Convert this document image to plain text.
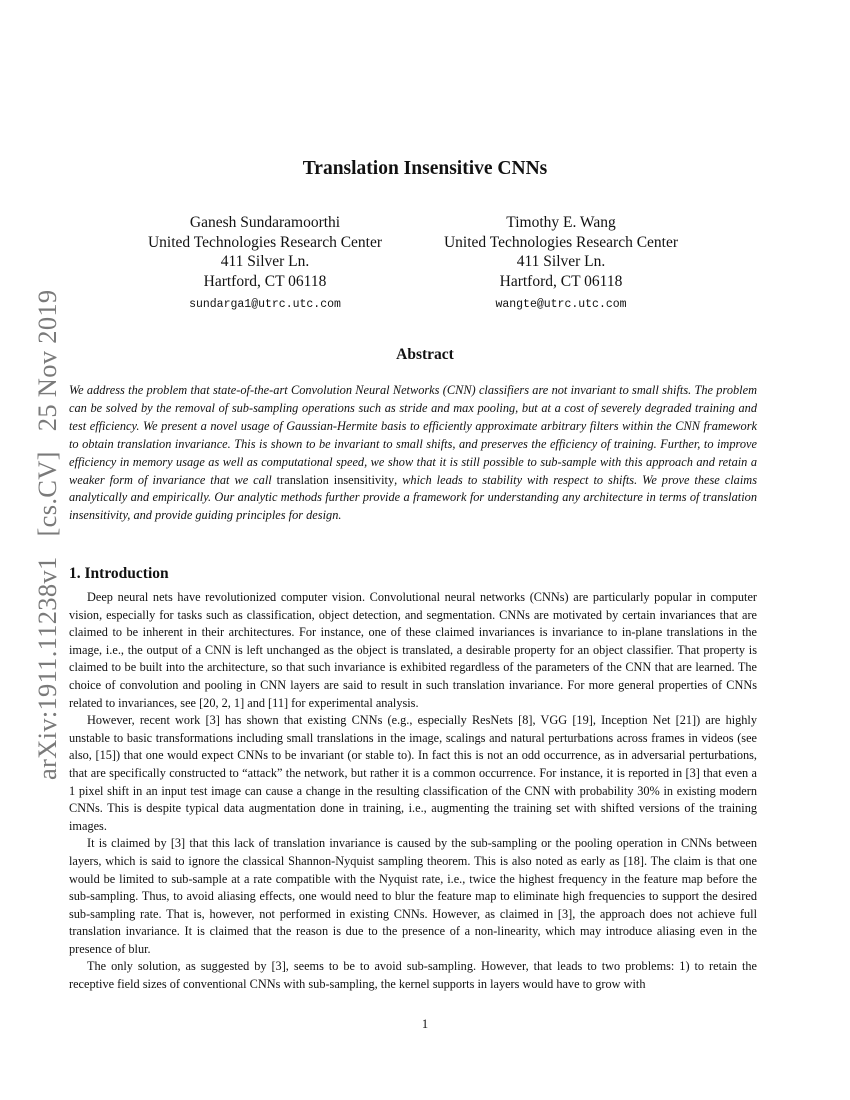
arXiv:1911.11238v1[cs.CV]25 Nov 2019
Translation Insensitive CNNs
Ganesh Sundaramoorthi
United Technologies Research Center
411 Silver Ln.
Hartford, CT 06118
sundarga1@utrc.utc.com
Timothy E. Wang
United Technologies Research Center
411 Silver Ln.
Hartford, CT 06118
wangte@utrc.utc.com
Abstract

We address the problem that state-of-the-art Convolution Neural Networks (CNN) classifiers are not invariant to small shifts. The problem can be solved by the removal of sub-sampling operations such as stride and max pooling, but at a cost of severely degraded training and test efficiency. We present a novel usage of Gaussian-Hermite basis to efficiently approximate arbitrary filters within the CNN framework to obtain translation invariance. This is shown to be invariant to small shifts, and preserves the efficiency of training. Further, to improve efficiency in memory usage as well as computational speed, we show that it is still possible to sub-sample with this approach and retain a weaker form of invariance that we call translation insensitivity, which leads to stability with respect to shifts. We prove these claims analytically and empirically. Our analytic methods further provide a framework for understanding any architecture in terms of translation insensitivity, and provide guiding principles for design.

1. Introduction

Deep neural nets have revolutionized computer vision. Convolutional neural networks (CNNs) are particularly popular in computer vision, especially for tasks such as classification, object detection, and segmentation. CNNs are motivated by certain invariances that are claimed to be inherent in their architectures. For instance, one of these claimed invariances is invariance to in-plane translations in the image, i.e., the output of a CNN is left unchanged as the object is translated, a desirable property for an object classifier. That property is claimed to be built into the architecture, so that such invariance is exhibited regardless of the parameters of the CNN that are learned. The choice of convolution and pooling in CNN layers are said to result in such translation invariance. For more general properties of CNNs related to invariances, see [20, 2, 1] and [11] for experimental analysis.

However, recent work [3] has shown that existing CNNs (e.g., especially ResNets [8], VGG [19], Inception Net [21]) are highly unstable to basic transformations including small translations in the image, scalings and natural perturbations across frames in videos (see also, [15]) that one would expect CNNs to be invariant (or stable to). In fact this is not an odd occurrence, as in adversarial perturbations, that are specifically constructed to “attack” the network, but rather it is a common occurrence. For instance, it is reported in [3] that even a 1 pixel shift in an input test image can cause a change in the resulting classification of the CNN with probability 30% in existing modern CNNs. This is despite typical data augmentation done in training, i.e., augmenting the training set with shifted versions of the training images.

It is claimed by [3] that this lack of translation invariance is caused by the sub-sampling or the pooling operation in CNNs between layers, which is said to ignore the classical Shannon-Nyquist sampling theorem. This is also noted as early as [18]. The claim is that one would be limited to sub-sample at a rate compatible with the Nyquist rate, i.e., twice the highest frequency in the feature map before the sub-sampling. Thus, to avoid aliasing effects, one would need to blur the feature map to eliminate high frequencies to support the desired sub-sampling rate. That is, however, not performed in existing CNNs. However, as claimed in [3], the approach does not achieve full translation invariance. It is claimed that the reason is due to the presence of a non-linearity, which may introduce aliasing even in the presence of blur.

The only solution, as suggested by [3], seems to be to avoid sub-sampling. However, that leads to two problems: 1) to retain the receptive field sizes of conventional CNNs with sub-sampling, the kernel supports in layers would have to grow with

1
